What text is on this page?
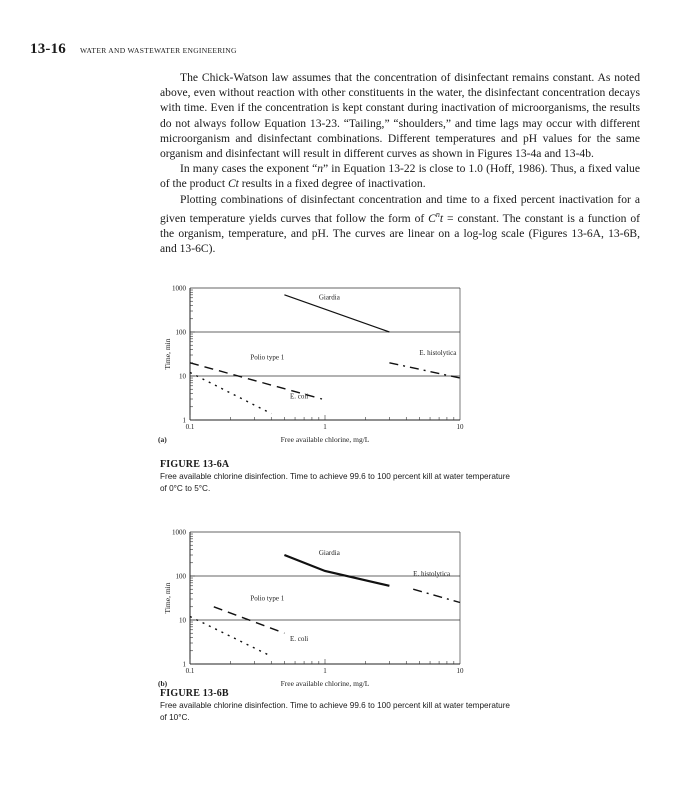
13-16 WATER AND WASTEWATER ENGINEERING

The Chick-Watson law assumes that the concentration of disinfectant remains constant. As noted above, even without reaction with other constituents in the water, the disinfectant concentration decays with time. Even if the concentration is kept constant during inactivation of microorganisms, the results do not always follow Equation 13-23. “Tailing,” “shoulders,” and time lags may occur with different microorganism and disinfectant combinations. Different temperatures and pH values for the same organism and disinfectant will result in different curves as shown in Figures 13-4a and 13-4b.

In many cases the exponent “n” in Equation 13-22 is close to 1.0 (Hoff, 1986). Thus, a fixed value of the product Ct results in a fixed degree of inactivation.

Plotting combinations of disinfectant concentration and time to a fixed percent inactivation for a given temperature yields curves that follow the form of $C^nt$ = constant. The constant is a function of the organism, temperature, and pH. The curves are linear on a log-log scale (Figures 13-6A, 13-6B, and 13-6C).

1
10
100
1000
0.1	1	10
Time, min
Free available chlorine, mg/L
(a)
Giardia
E. histolytica
Polio type 1
E. coli
FIGURE 13-6A
Free available chlorine disinfection. Time to achieve 99.6 to 100 percent kill at water temperature of 0°C to 5°C.
1
10
100
1000
0.1	1	10
Time, min
Free available chlorine, mg/L
(b)
Giardia
E. histolytica
Polio type 1
E. coli
FIGURE 13-6B
Free available chlorine disinfection. Time to achieve 99.6 to 100 percent kill at water temperature of 10°C.
